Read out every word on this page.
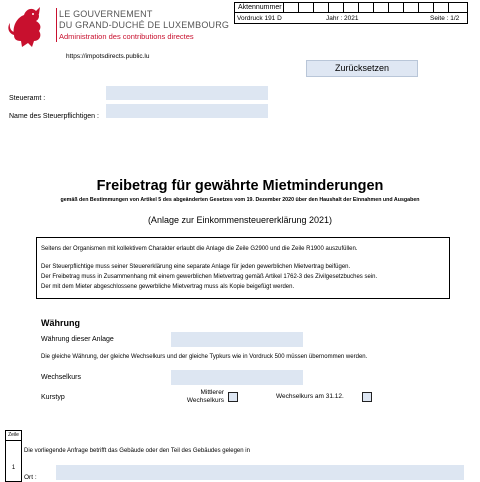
LE GOUVERNEMENT
DU GRAND-DUCHÉ DE LUXEMBOURG
Administration des contributions directes
https://impotsdirects.public.lu
Aktennummer
Vordruck 191 D	Jahr : 2021	Seite : 1/2
Zurücksetzen
Steueramt :
Name des Steuerpflichtigen :
Freibetrag für gewährte Mietminderungen
gemäß den Bestimmungen von Artikel 5 des abgeänderten Gesetzes vom 19. Dezember 2020 über den Haushalt der Einnahmen und Ausgaben
(Anlage zur Einkommensteuererklärung 2021)
Seitens der Organismen mit kollektivem Charakter erlaubt die Anlage die Zeile G2900 und die Zeile R1900 auszufüllen.
Der Steuerpflichtige muss seiner Steuererklärung eine separate Anlage für jeden gewerblichen Mietvertrag beifügen.
Der Freibetrag muss in Zusammenhang mit einem gewerblichen Mietvertrag gemäß Artikel 1762-3 des Zivilgesetzbuches sein.
Der mit dem Mieter abgeschlossene gewerbliche Mietvertrag muss als Kopie beigefügt werden.
Währung
Währung dieser Anlage
Die gleiche Währung, der gleiche Wechselkurs und der gleiche Typkurs wie in Vordruck 500 müssen übernommen werden.
Wechselkurs
Kurstyp
Mittlerer
Wechselkurs
Wechselkurs am 31.12.
Zeile
1
Die vorliegende Anfrage betrifft das Gebäude oder den Teil des Gebäudes gelegen in
Ort :
